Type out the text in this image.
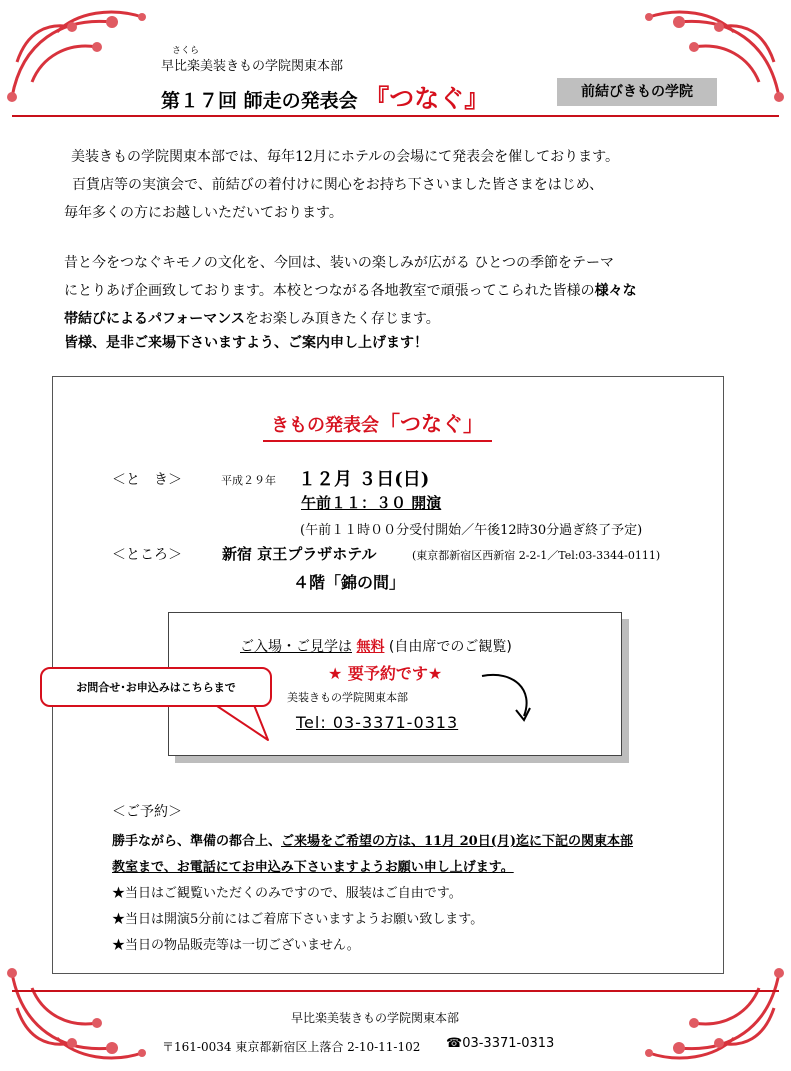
さくら
早比楽美装きもの学院関東本部
第１７回 師走の発表会 『つなぐ』	前結びきもの学院
美装きもの学院関東本部では、毎年12月にホテルの会場にて発表会を催しております。
百貨店等の実演会で、前結びの着付けに関心をお持ち下さいました皆さまをはじめ、
毎年多くの方にお越しいただいております。
昔と今をつなぐキモノの文化を、今回は、装いの楽しみが広がる ひとつの季節をテーマ
にとりあげ企画致しております。本校とつながる各地教室で頑張ってこられた皆様の様々な
帯結びによるパフォーマンスをお楽しみ頂きたく存じます。
皆様、是非ご来場下さいますよう、ご案内申し上げます！
きもの発表会「つなぐ」
＜と　き＞	平成２９年 １２月 ３日(日)
午前１１：３０ 開演
(午前１１時００分受付開始／午後12時30分過ぎ終了予定)
＜ところ＞	新宿 京王プラザホテル	(東京都新宿区西新宿 2-2-1／Tel:03-3344-0111)
４階「錦の間」
ご入場・ご見学は 無料 (自由席でのご観覧)
★ 要予約です★
美装きもの学院関東本部
Tel: 03-3371-0313
お問合せ･お申込みはこちらまで
＜ご予約＞
勝手ながら、準備の都合上、ご来場をご希望の方は、11月 20日(月)迄に下記の関東本部
教室まで、お電話にてお申込み下さいますようお願い申し上げます。
★当日はご観覧いただくのみですので、服装はご自由です。
★当日は開演5分前にはご着席下さいますようお願い致します。
★当日の物品販売等は一切ございません。
早比楽美装きもの学院関東本部
〒161-0034 東京都新宿区上落合 2-10-11-102 ☎03-3371-0313
